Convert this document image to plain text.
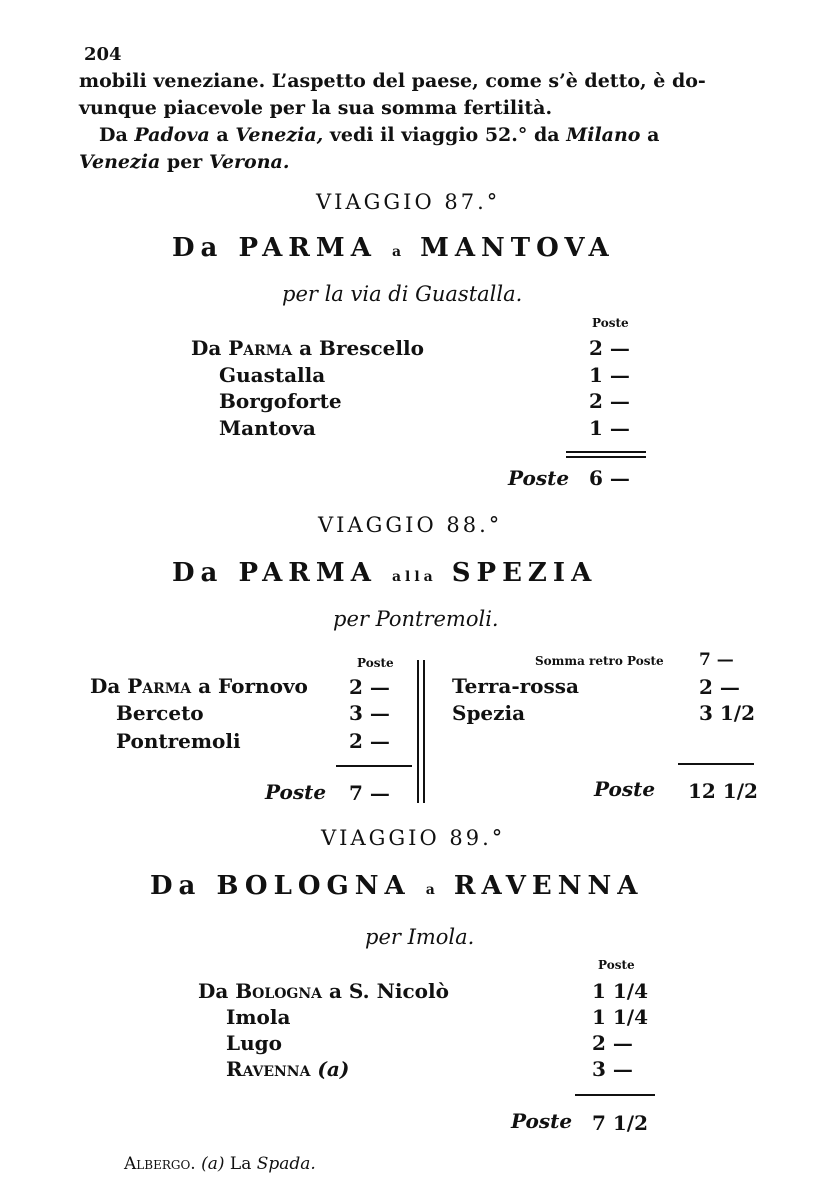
204
mobili veneziane. L’aspetto del paese, come s’è detto, è do-
vunque piacevole per la sua somma fertilità.
Da Padova a Venezia, vedi il viaggio 52.° da Milano a
Venezia per Verona.
VIAGGIO 87.°
Da PARMA a MANTOVA
per la via di Guastalla.
Poste
Da Parma a Brescello	2 —
Guastalla	1 —
Borgoforte	2 —
Mantova	1 —
Poste 6 —
VIAGGIO 88.°
Da PARMA alla SPEZIA
per Pontremoli.
Poste
Da Parma a Fornovo 2 —
Berceto	3 —
Pontremoli	2 —
Poste 7 —
Somma retro Poste 7 —
Terra-rossa	2 —
Spezia	3 1/2
Poste 12 1/2
VIAGGIO 89.°
Da BOLOGNA a RAVENNA
per Imola.
Poste
Da Bologna a S. Nicolò	1 1/4
Imola	1 1/4
Lugo	2 —
Ravenna (a)	3 —
Poste 7 1/2
Albergo. (a) La Spada.
